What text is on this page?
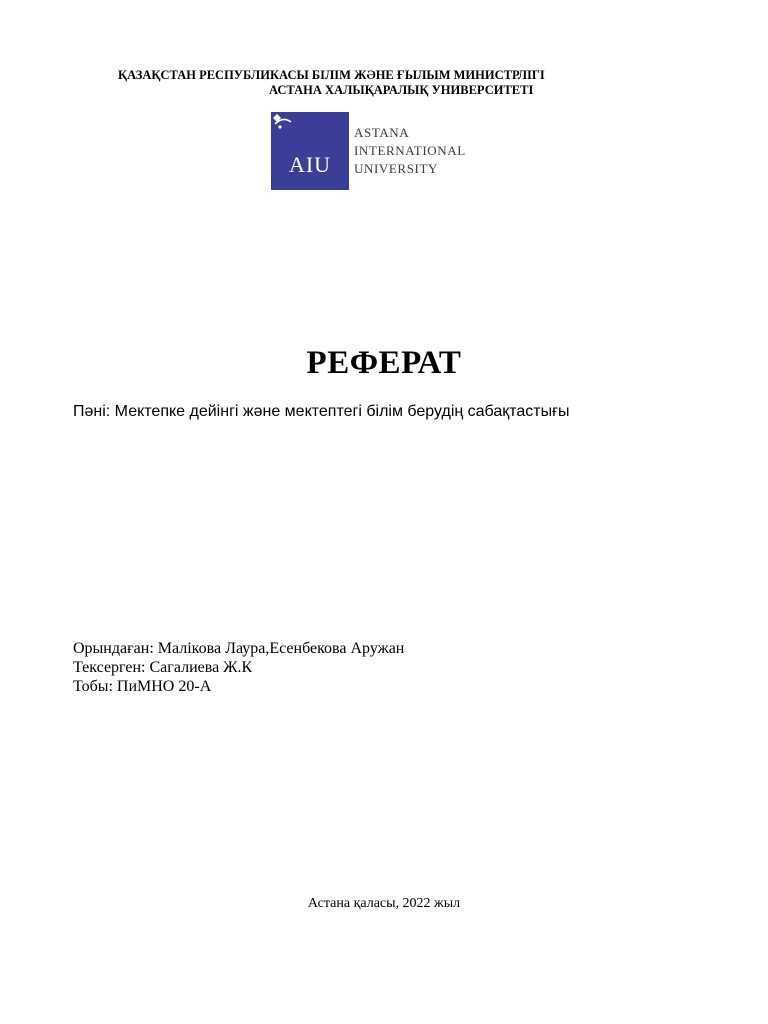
ҚАЗАҚСТАН РЕСПУБЛИКАСЫ БІЛІМ ЖӘНЕ ҒЫЛЫМ МИНИСТРЛІГІ
АСТАНА ХАЛЫҚАРАЛЫҚ УНИВЕРСИТЕТІ
AIU
ASTANA
INTERNATIONAL
UNIVERSITY
РЕФЕРАТ
Пәні: Мектепке дейінгі және мектептегі білім берудің сабақтастығы
Орындаған: Малікова Лаура,Есенбекова Аружан
Тексерген: Сагалиева Ж.К
Тобы: ПиМНО 20-А
Астана қаласы, 2022 жыл
